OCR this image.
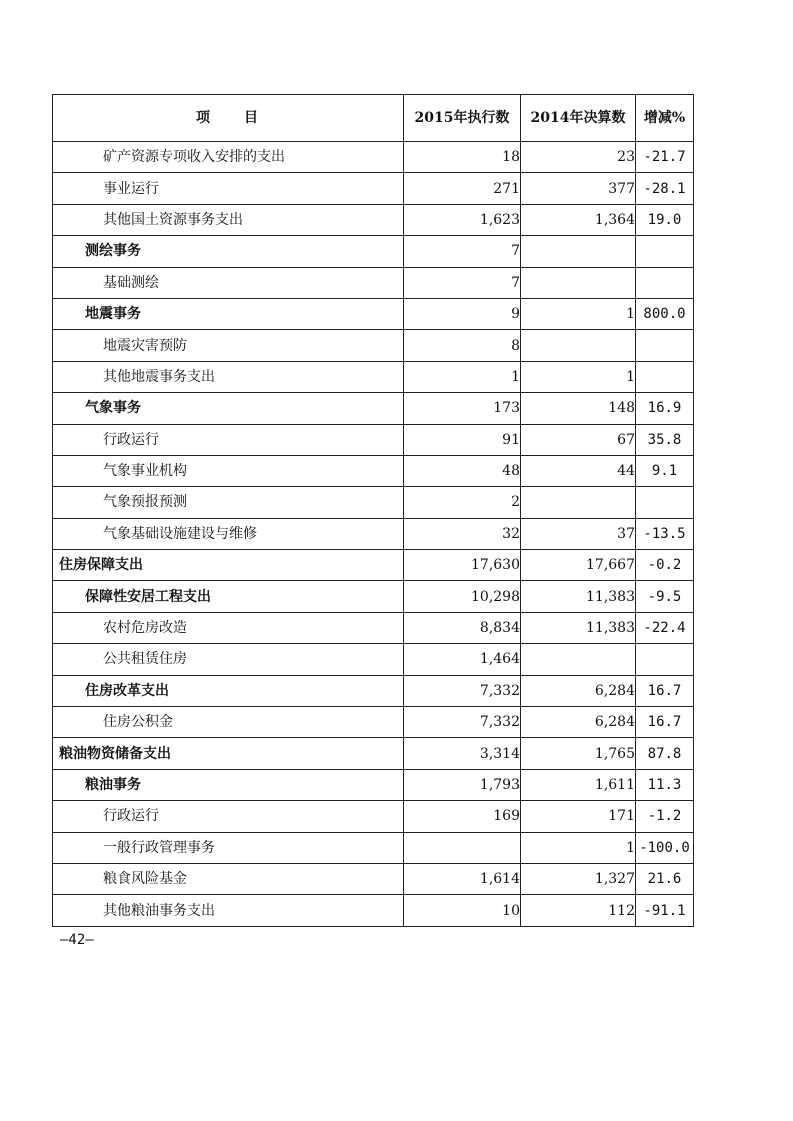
项　　目	2015年执行数	2014年决算数	增减%
矿产资源专项收入安排的支出	18	23	-21.7
事业运行	271	377	-28.1
其他国土资源事务支出	1,623	1,364	19.0
测绘事务	7		
基础测绘	7		
地震事务	9	1	800.0
地震灾害预防	8		
其他地震事务支出	1	1	
气象事务	173	148	16.9
行政运行	91	67	35.8
气象事业机构	48	44	9.1
气象预报预测	2		
气象基础设施建设与维修	32	37	-13.5
住房保障支出	17,630	17,667	-0.2
保障性安居工程支出	10,298	11,383	-9.5
农村危房改造	8,834	11,383	-22.4
公共租赁住房	1,464		
住房改革支出	7,332	6,284	16.7
住房公积金	7,332	6,284	16.7
粮油物资储备支出	3,314	1,765	87.8
粮油事务	1,793	1,611	11.3
行政运行	169	171	-1.2
一般行政管理事务		1	-100.0
粮食风险基金	1,614	1,327	21.6
其他粮油事务支出	10	112	-91.1
—42—
